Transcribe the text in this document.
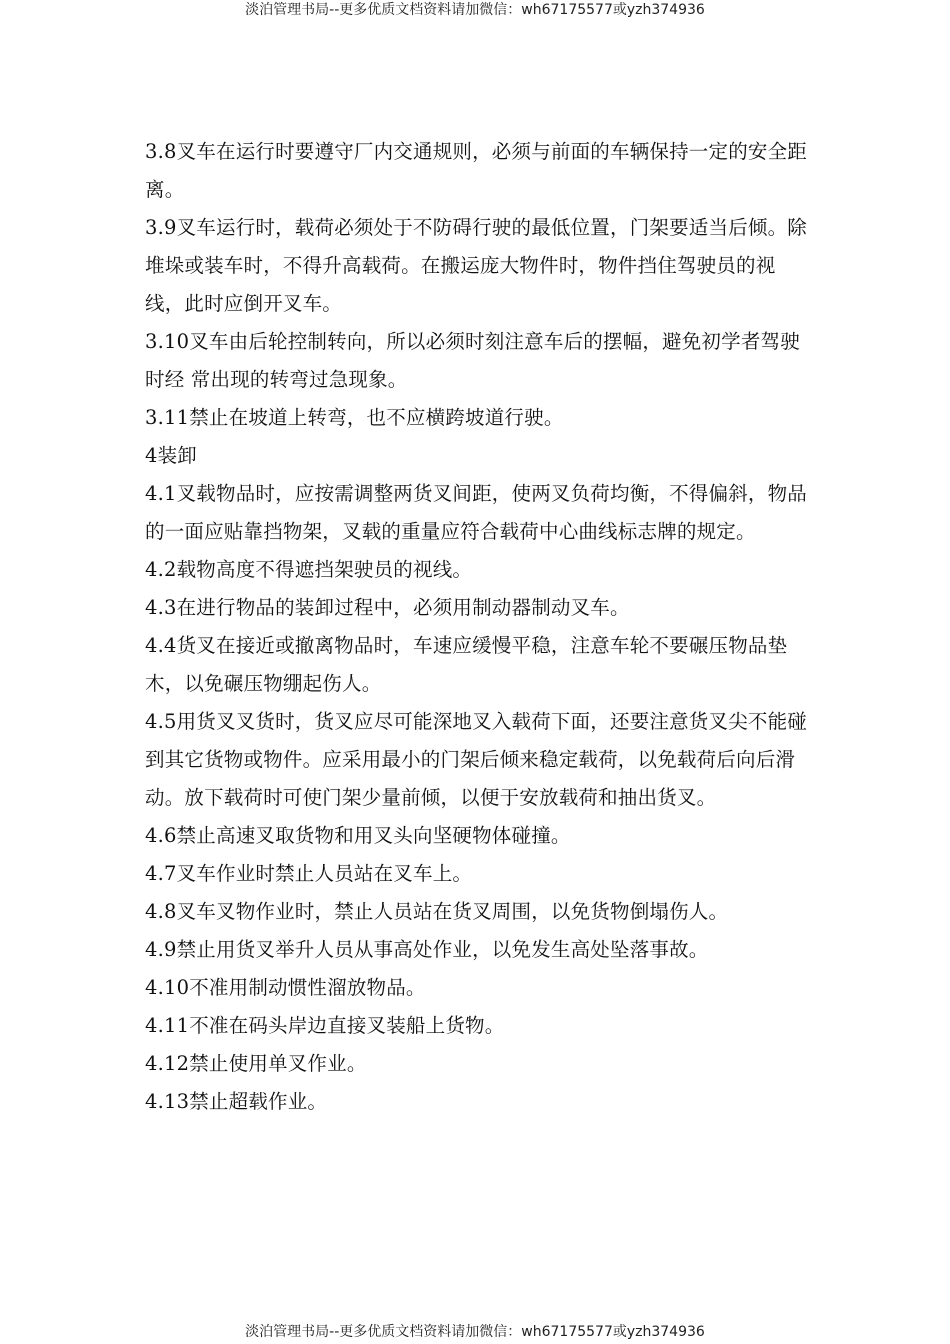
淡泊管理书局--更多优质文档资料请加微信：wh67175577或yzh374936

3.8叉车在运行时要遵守厂内交通规则，必须与前面的车辆保持一定的安全距离。

3.9叉车运行时，载荷必须处于不防碍行驶的最低位置，门架要适当后倾。除堆垛或装车时，不得升高载荷。在搬运庞大物件时，物件挡住驾驶员的视线，此时应倒开叉车。

3.10叉车由后轮控制转向，所以必须时刻注意车后的摆幅，避免初学者驾驶时经 常出现的转弯过急现象。

3.11禁止在坡道上转弯，也不应横跨坡道行驶。

4装卸

4.1叉载物品时，应按需调整两货叉间距，使两叉负荷均衡，不得偏斜，物品的一面应贴靠挡物架，叉载的重量应符合载荷中心曲线标志牌的规定。

4.2载物高度不得遮挡架驶员的视线。

4.3在进行物品的装卸过程中，必须用制动器制动叉车。

4.4货叉在接近或撤离物品时，车速应缓慢平稳，注意车轮不要碾压物品垫木，以免碾压物绷起伤人。

4.5用货叉叉货时，货叉应尽可能深地叉入载荷下面，还要注意货叉尖不能碰到其它货物或物件。应采用最小的门架后倾来稳定载荷，以免载荷后向后滑动。放下载荷时可使门架少量前倾，以便于安放载荷和抽出货叉。

4.6禁止高速叉取货物和用叉头向坚硬物体碰撞。

4.7叉车作业时禁止人员站在叉车上。

4.8叉车叉物作业时，禁止人员站在货叉周围，以免货物倒塌伤人。

4.9禁止用货叉举升人员从事高处作业，以免发生高处坠落事故。

4.10不准用制动惯性溜放物品。

4.11不准在码头岸边直接叉装船上货物。

4.12禁止使用单叉作业。

4.13禁止超载作业。

淡泊管理书局--更多优质文档资料请加微信：wh67175577或yzh374936
